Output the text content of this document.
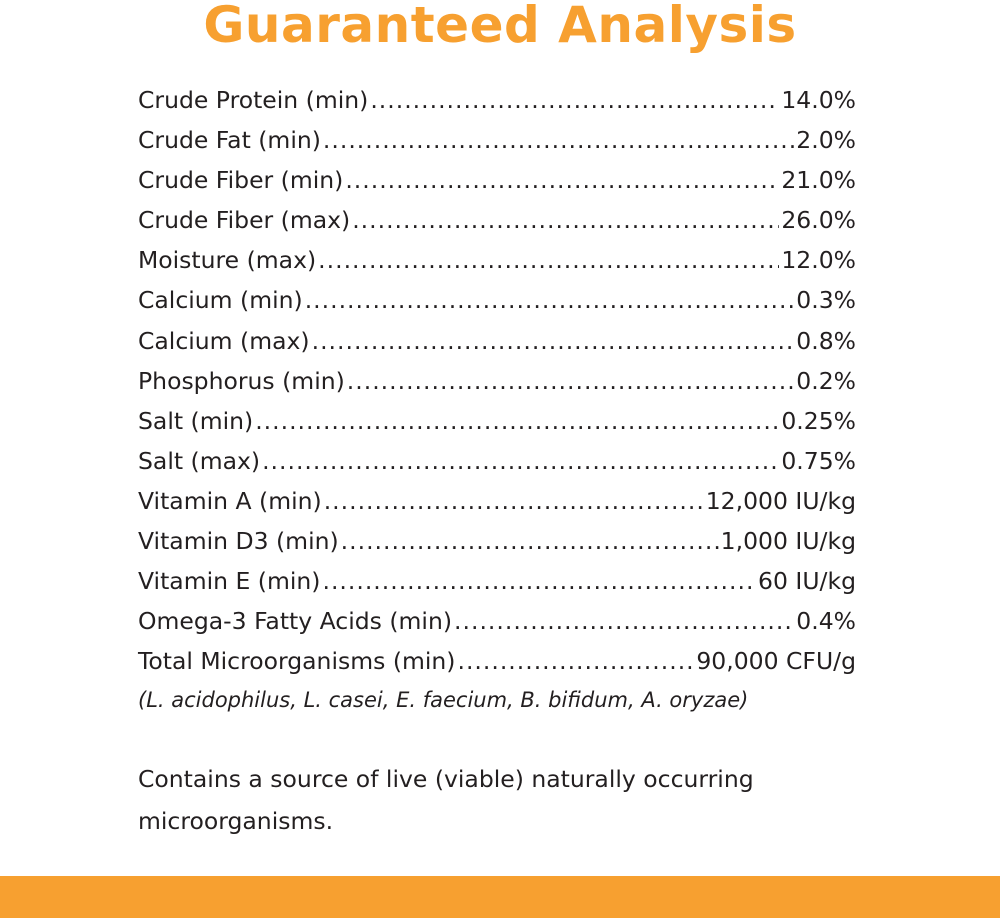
Guaranteed Analysis
Crude Protein (min) .....	14.0%
Crude Fat (min) .....	2.0%
Crude Fiber (min) .....	21.0%
Crude Fiber (max) .....	26.0%
Moisture (max) .....	12.0%
Calcium (min) .....	0.3%
Calcium (max) .....	0.8%
Phosphorus (min) .....	0.2%
Salt (min) .....	0.25%
Salt (max) .....	0.75%
Vitamin A (min) .....	12,000 IU/kg
Vitamin D3 (min) .....	1,000 IU/kg
Vitamin E (min) .....	60 IU/kg
Omega-3 Fatty Acids (min) .....	0.4%
Total Microorganisms (min) .....	90,000 CFU/g
(L. acidophilus, L. casei, E. faecium, B. bifidum, A. oryzae)
Contains a source of live (viable) naturally occurring microorganisms.
